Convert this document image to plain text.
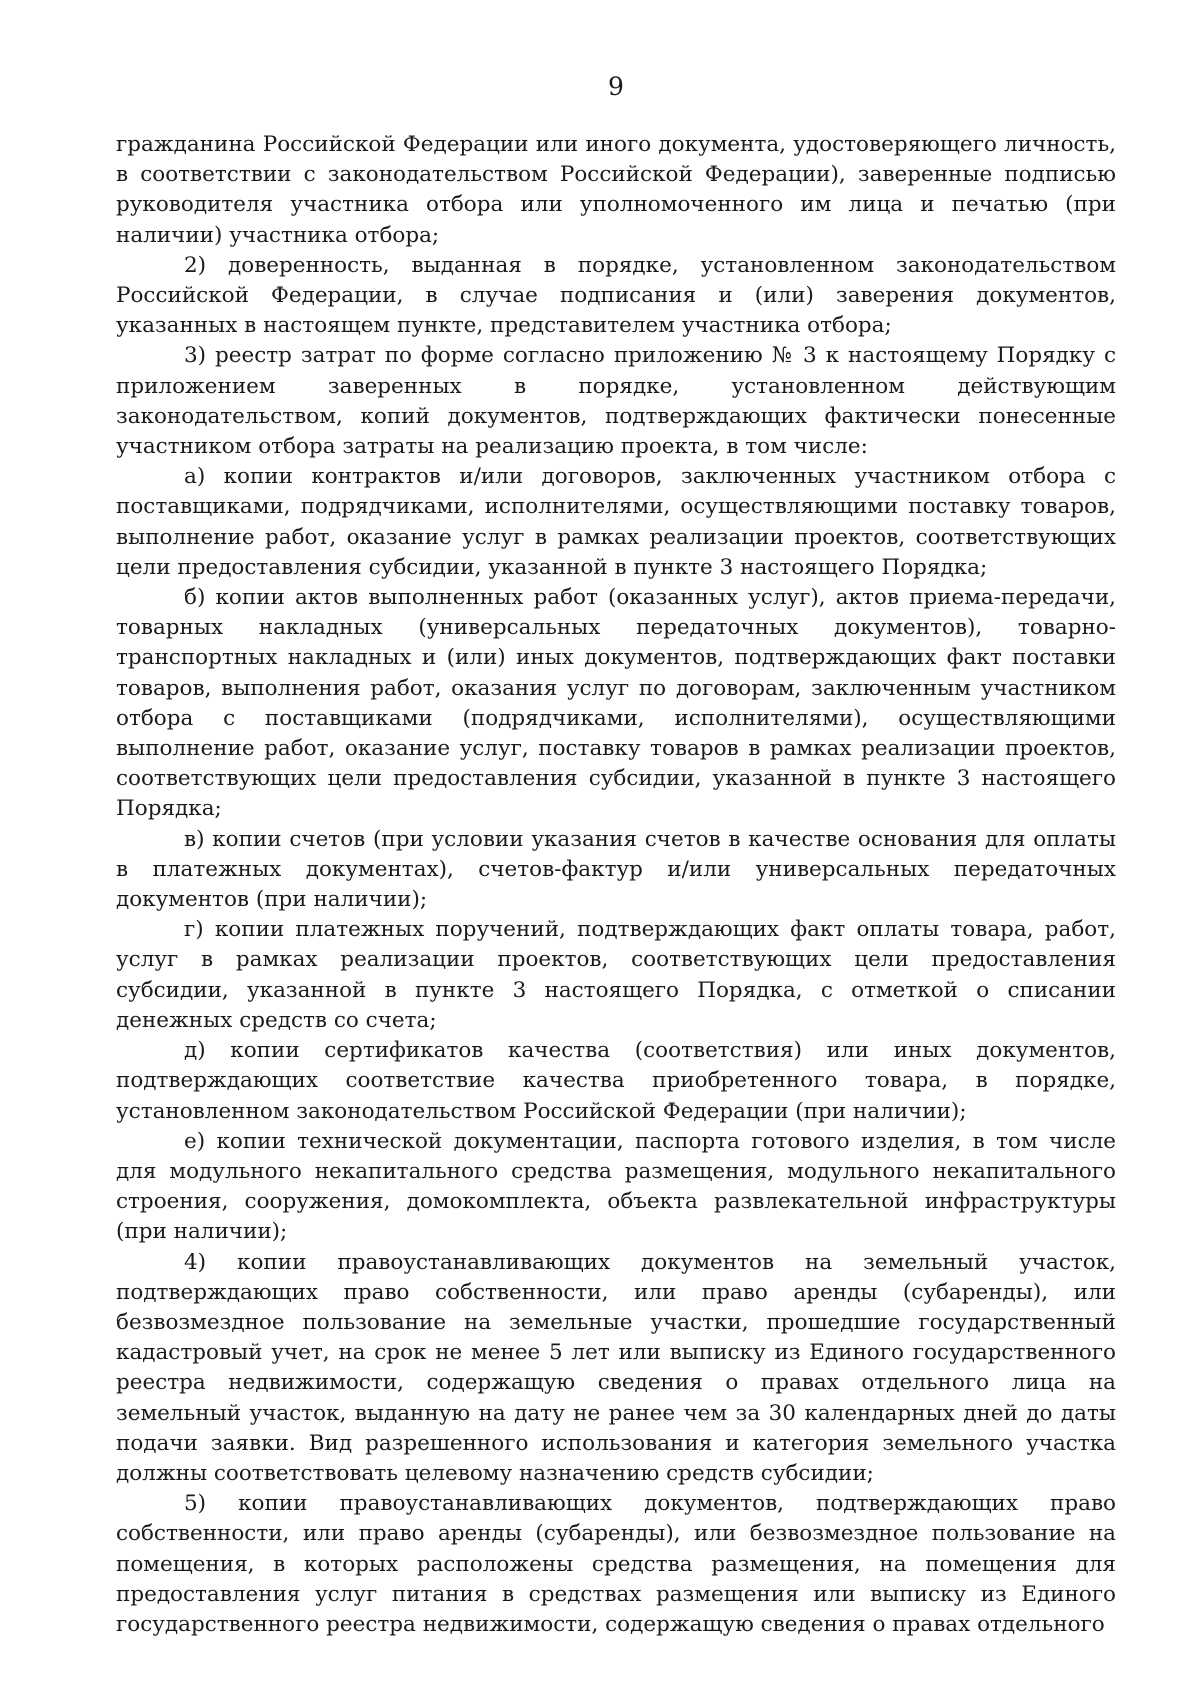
9

гражданина Российской Федерации или иного документа, удостоверяющего личность, в соответствии с законодательством Российской Федерации), заверенные подписью руководителя участника отбора или уполномоченного им лица и печатью (при наличии) участника отбора;

2) доверенность, выданная в порядке, установленном законодательством Российской Федерации, в случае подписания и (или) заверения документов, указанных в настоящем пункте, представителем участника отбора;

3) реестр затрат по форме согласно приложению № 3 к настоящему Порядку с приложением заверенных в порядке, установленном действующим законодательством, копий документов, подтверждающих фактически понесенные участником отбора затраты на реализацию проекта, в том числе:

а) копии контрактов и/или договоров, заключенных участником отбора с поставщиками, подрядчиками, исполнителями, осуществляющими поставку товаров, выполнение работ, оказание услуг в рамках реализации проектов, соответствующих цели предоставления субсидии, указанной в пункте 3 настоящего Порядка;

б) копии актов выполненных работ (оказанных услуг), актов приема-передачи, товарных накладных (универсальных передаточных документов), товарно-транспортных накладных и (или) иных документов, подтверждающих факт поставки товаров, выполнения работ, оказания услуг по договорам, заключенным участником отбора с поставщиками (подрядчиками, исполнителями), осуществляющими выполнение работ, оказание услуг, поставку товаров в рамках реализации проектов, соответствующих цели предоставления субсидии, указанной в пункте 3 настоящего Порядка;

в) копии счетов (при условии указания счетов в качестве основания для оплаты в платежных документах), счетов-фактур и/или универсальных передаточных документов (при наличии);

г) копии платежных поручений, подтверждающих факт оплаты товара, работ, услуг в рамках реализации проектов, соответствующих цели предоставления субсидии, указанной в пункте 3 настоящего Порядка, с отметкой о списании денежных средств со счета;

д) копии сертификатов качества (соответствия) или иных документов, подтверждающих соответствие качества приобретенного товара, в порядке, установленном законодательством Российской Федерации (при наличии);

е) копии технической документации, паспорта готового изделия, в том числе для модульного некапитального средства размещения, модульного некапитального строения, сооружения, домокомплекта, объекта развлекательной инфраструктуры (при наличии);

4) копии правоустанавливающих документов на земельный участок, подтверждающих право собственности, или право аренды (субаренды), или безвозмездное пользование на земельные участки, прошедшие государственный кадастровый учет, на срок не менее 5 лет или выписку из Единого государственного реестра недвижимости, содержащую сведения о правах отдельного лица на земельный участок, выданную на дату не ранее чем за 30 календарных дней до даты подачи заявки. Вид разрешенного использования и категория земельного участка должны соответствовать целевому назначению средств субсидии;

5) копии правоустанавливающих документов, подтверждающих право собственности, или право аренды (субаренды), или безвозмездное пользование на помещения, в которых расположены средства размещения, на помещения для предоставления услуг питания в средствах размещения или выписку из Единого государственного реестра недвижимости, содержащую сведения о правах отдельного
